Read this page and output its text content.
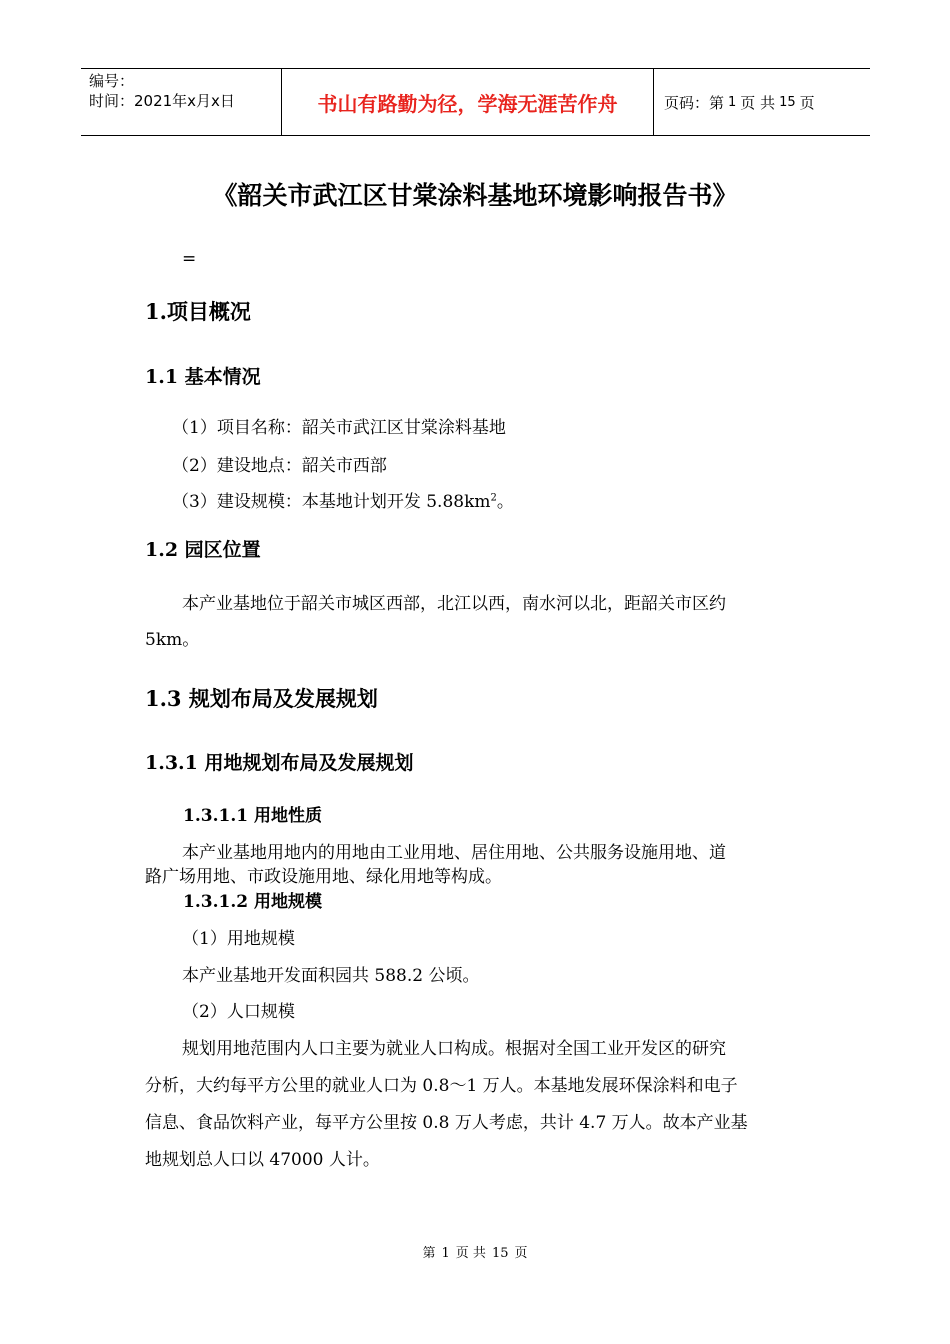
编号：
时间：2021年x月x日	书山有路勤为径，学海无涯苦作舟	页码：第 1 页 共 15 页
《韶关市武江区甘棠涂料基地环境影响报告书》
=
1.项目概况
1.1 基本情况
（1）项目名称：韶关市武江区甘棠涂料基地
（2）建设地点：韶关市西部
（3）建设规模：本基地计划开发 $5.88km^2$。
1.2 园区位置
本产业基地位于韶关市城区西部，北江以西，南水河以北，距韶关市区约
5km。
1.3 规划布局及发展规划
1.3.1 用地规划布局及发展规划
1.3.1.1 用地性质
本产业基地用地内的用地由工业用地、居住用地、公共服务设施用地、道
路广场用地、市政设施用地、绿化用地等构成。
1.3.1.2 用地规模
（1）用地规模
本产业基地开发面积园共 588.2 公顷。
（2）人口规模
规划用地范围内人口主要为就业人口构成。根据对全国工业开发区的研究
分析，大约每平方公里的就业人口为 0.8～1 万人。本基地发展环保涂料和电子
信息、食品饮料产业，每平方公里按 0.8 万人考虑，共计 4.7 万人。故本产业基
地规划总人口以 47000 人计。
第 1 页 共 15 页
